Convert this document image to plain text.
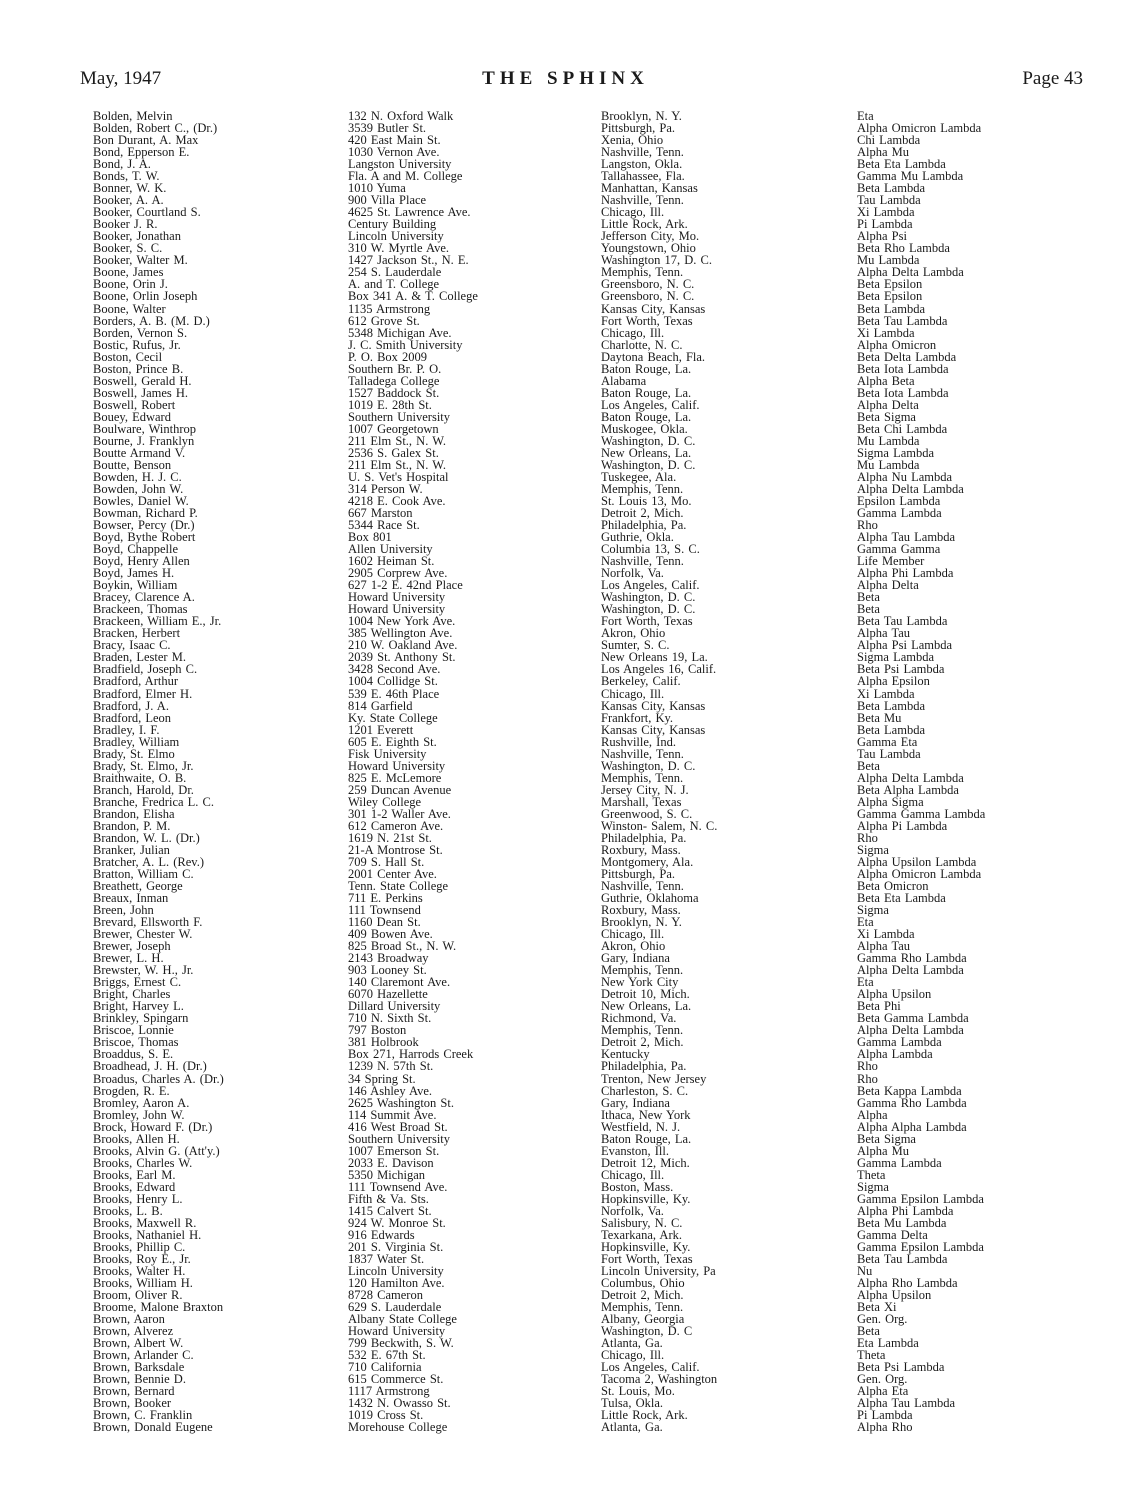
May, 1947	THE SPHINX	Page 43
Bolden, Melvin
Bolden, Robert C., (Dr.)
Bon Durant, A. Max
Bond, Epperson E.
Bond, J. A.
Bonds, T. W.
Bonner, W. K.
Booker, A. A.
Booker, Courtland S.
Booker J. R.
Booker, Jonathan
Booker, S. C.
Booker, Walter M.
Boone, James
Boone, Orin J.
Boone, Orlin Joseph
Boone, Walter
Borders, A. B. (M. D.)
Borden, Vernon S.
Bostic, Rufus, Jr.
Boston, Cecil
Boston, Prince B.
Boswell, Gerald H.
Boswell, James H.
Boswell, Robert
Bouey, Edward
Boulware, Winthrop
Bourne, J. Franklyn
Boutte Armand V.
Boutte, Benson
Bowden, H. J. C.
Bowden, John W.
Bowles, Daniel W.
Bowman, Richard P.
Bowser, Percy (Dr.)
Boyd, Bythe Robert
Boyd, Chappelle
Boyd, Henry Allen
Boyd, James H.
Boykin, William
Bracey, Clarence A.
Brackeen, Thomas
Brackeen, William E., Jr.
Bracken, Herbert
Bracy, Isaac C.
Braden, Lester M.
Bradfield, Joseph C.
Bradford, Arthur
Bradford, Elmer H.
Bradford, J. A.
Bradford, Leon
Bradley, I. F.
Bradley, William
Brady, St. Elmo
Brady, St. Elmo, Jr.
Braithwaite, O. B.
Branch, Harold, Dr.
Branche, Fredrica L. C.
Brandon, Elisha
Brandon, P. M.
Brandon, W. L. (Dr.)
Branker, Julian
Bratcher, A. L. (Rev.)
Bratton, William C.
Breathett, George
Breaux, Inman
Breen, John
Brevard, Ellsworth F.
Brewer, Chester W.
Brewer, Joseph
Brewer, L. H.
Brewster, W. H., Jr.
Briggs, Ernest C.
Bright, Charles
Bright, Harvey L.
Brinkley, Spingarn
Briscoe, Lonnie
Briscoe, Thomas
Broaddus, S. E.
Broadhead, J. H. (Dr.)
Broadus, Charles A. (Dr.)
Brogden, R. E.
Bromley, Aaron A.
Bromley, John W.
Brock, Howard F. (Dr.)
Brooks, Allen H.
Brooks, Alvin G. (Att'y.)
Brooks, Charles W.
Brooks, Earl M.
Brooks, Edward
Brooks, Henry L.
Brooks, L. B.
Brooks, Maxwell R.
Brooks, Nathaniel H.
Brooks, Phillip C.
Brooks, Roy E., Jr.
Brooks, Walter H.
Brooks, William H.
Broom, Oliver R.
Broome, Malone Braxton
Brown, Aaron
Brown, Alverez
Brown, Albert W.
Brown, Arlander C.
Brown, Barksdale
Brown, Bennie D.
Brown, Bernard
Brown, Booker
Brown, C. Franklin
Brown, Donald Eugene
132 N. Oxford Walk
3539 Butler St.
420 East Main St.
1030 Vernon Ave.
Langston University
Fla. A and M. College
1010 Yuma
900 Villa Place
4625 St. Lawrence Ave.
Century Building
Lincoln University
310 W. Myrtle Ave.
1427 Jackson St., N. E.
254 S. Lauderdale
A. and T. College
Box 341 A. & T. College
1135 Armstrong
612 Grove St.
5348 Michigan Ave.
J. C. Smith University
P. O. Box 2009
Southern Br. P. O.
Talladega College
1527 Baddock St.
1019 E. 28th St.
Southern University
1007 Georgetown
211 Elm St., N. W.
2536 S. Galex St.
211 Elm St., N. W.
U. S. Vet's Hospital
314 Person W.
4218 E. Cook Ave.
667 Marston
5344 Race St.
Box 801
Allen University
1602 Heiman St.
2905 Corprew Ave.
627 1-2 E. 42nd Place
Howard University
Howard University
1004 New York Ave.
385 Wellington Ave.
210 W. Oakland Ave.
2039 St. Anthony St.
3428 Second Ave.
1004 Collidge St.
539 E. 46th Place
814 Garfield
Ky. State College
1201 Everett
605 E. Eighth St.
Fisk University
Howard University
825 E. McLemore
259 Duncan Avenue
Wiley College
301 1-2 Waller Ave.
612 Cameron Ave.
1619 N. 21st St.
21-A Montrose St.
709 S. Hall St.
2001 Center Ave.
Tenn. State College
711 E. Perkins
111 Townsend
1160 Dean St.
409 Bowen Ave.
825 Broad St., N. W.
2143 Broadway
903 Looney St.
140 Claremont Ave.
6070 Hazellette
Dillard University
710 N. Sixth St.
797 Boston
381 Holbrook
Box 271, Harrods Creek
1239 N. 57th St.
34 Spring St.
146 Ashley Ave.
2625 Washington St.
114 Summit Ave.
416 West Broad St.
Southern University
1007 Emerson St.
2033 E. Davison
5350 Michigan
111 Townsend Ave.
Fifth & Va. Sts.
1415 Calvert St.
924 W. Monroe St.
916 Edwards
201 S. Virginia St.
1837 Water St.
Lincoln University
120 Hamilton Ave.
8728 Cameron
629 S. Lauderdale
Albany State College
Howard University
799 Beckwith, S. W.
532 E. 67th St.
710 California
615 Commerce St.
1117 Armstrong
1432 N. Owasso St.
1019 Cross St.
Morehouse College
Brooklyn, N. Y.
Pittsburgh, Pa.
Xenia, Ohio
Nashville, Tenn.
Langston, Okla.
Tallahassee, Fla.
Manhattan, Kansas
Nashville, Tenn.
Chicago, Ill.
Little Rock, Ark.
Jefferson City, Mo.
Youngstown, Ohio
Washington 17, D. C.
Memphis, Tenn.
Greensboro, N. C.
Greensboro, N. C.
Kansas City, Kansas
Fort Worth, Texas
Chicago, Ill.
Charlotte, N. C.
Daytona Beach, Fla.
Baton Rouge, La.
Alabama
Baton Rouge, La.
Los Angeles, Calif.
Baton Rouge, La.
Muskogee, Okla.
Washington, D. C.
New Orleans, La.
Washington, D. C.
Tuskegee, Ala.
Memphis, Tenn.
St. Louis 13, Mo.
Detroit 2, Mich.
Philadelphia, Pa.
Guthrie, Okla.
Columbia 13, S. C.
Nashville, Tenn.
Norfolk, Va.
Los Angeles, Calif.
Washington, D. C.
Washington, D. C.
Fort Worth, Texas
Akron, Ohio
Sumter, S. C.
New Orleans 19, La.
Los Angeles 16, Calif.
Berkeley, Calif.
Chicago, Ill.
Kansas City, Kansas
Frankfort, Ky.
Kansas City, Kansas
Rushville, Ind.
Nashville, Tenn.
Washington, D. C.
Memphis, Tenn.
Jersey City, N. J.
Marshall, Texas
Greenwood, S. C.
Winston- Salem, N. C.
Philadelphia, Pa.
Roxbury, Mass.
Montgomery, Ala.
Pittsburgh, Pa.
Nashville, Tenn.
Guthrie, Oklahoma
Roxbury, Mass.
Brooklyn, N. Y.
Chicago, Ill.
Akron, Ohio
Gary, Indiana
Memphis, Tenn.
New York City
Detroit 10, Mich.
New Orleans, La.
Richmond, Va.
Memphis, Tenn.
Detroit 2, Mich.
Kentucky
Philadelphia, Pa.
Trenton, New Jersey
Charleston, S. C.
Gary, Indiana
Ithaca, New York
Westfield, N. J.
Baton Rouge, La.
Evanston, Ill.
Detroit 12, Mich.
Chicago, Ill.
Boston, Mass.
Hopkinsville, Ky.
Norfolk, Va.
Salisbury, N. C.
Texarkana, Ark.
Hopkinsville, Ky.
Fort Worth, Texas
Lincoln University, Pa
Columbus, Ohio
Detroit 2, Mich.
Memphis, Tenn.
Albany, Georgia
Washington, D. C
Atlanta, Ga.
Chicago, Ill.
Los Angeles, Calif.
Tacoma 2, Washington
St. Louis, Mo.
Tulsa, Okla.
Little Rock, Ark.
Atlanta, Ga.
Eta
Alpha Omicron Lambda
Chi Lambda
Alpha Mu
Beta Eta Lambda
Gamma Mu Lambda
Beta Lambda
Tau Lambda
Xi Lambda
Pi Lambda
Alpha Psi
Beta Rho Lambda
Mu Lambda
Alpha Delta Lambda
Beta Epsilon
Beta Epsilon
Beta Lambda
Beta Tau Lambda
Xi Lambda
Alpha Omicron
Beta Delta Lambda
Beta Iota Lambda
Alpha Beta
Beta Iota Lambda
Alpha Delta
Beta Sigma
Beta Chi Lambda
Mu Lambda
Sigma Lambda
Mu Lambda
Alpha Nu Lambda
Alpha Delta Lambda
Epsilon Lambda
Gamma Lambda
Rho
Alpha Tau Lambda
Gamma Gamma
Life Member
Alpha Phi Lambda
Alpha Delta
Beta
Beta
Beta Tau Lambda
Alpha Tau
Alpha Psi Lambda
Sigma Lambda
Beta Psi Lambda
Alpha Epsilon
Xi Lambda
Beta Lambda
Beta Mu
Beta Lambda
Gamma Eta
Tau Lambda
Beta
Alpha Delta Lambda
Beta Alpha Lambda
Alpha Sigma
Gamma Gamma Lambda
Alpha Pi Lambda
Rho
Sigma
Alpha Upsilon Lambda
Alpha Omicron Lambda
Beta Omicron
Beta Eta Lambda
Sigma
Eta
Xi Lambda
Alpha Tau
Gamma Rho Lambda
Alpha Delta Lambda
Eta
Alpha Upsilon
Beta Phi
Beta Gamma Lambda
Alpha Delta Lambda
Gamma Lambda
Alpha Lambda
Rho
Rho
Beta Kappa Lambda
Gamma Rho Lambda
Alpha
Alpha Alpha Lambda
Beta Sigma
Alpha Mu
Gamma Lambda
Theta
Sigma
Gamma Epsilon Lambda
Alpha Phi Lambda
Beta Mu Lambda
Gamma Delta
Gamma Epsilon Lambda
Beta Tau Lambda
Nu
Alpha Rho Lambda
Alpha Upsilon
Beta Xi
Gen. Org.
Beta
Eta Lambda
Theta
Beta Psi Lambda
Gen. Org.
Alpha Eta
Alpha Tau Lambda
Pi Lambda
Alpha Rho
